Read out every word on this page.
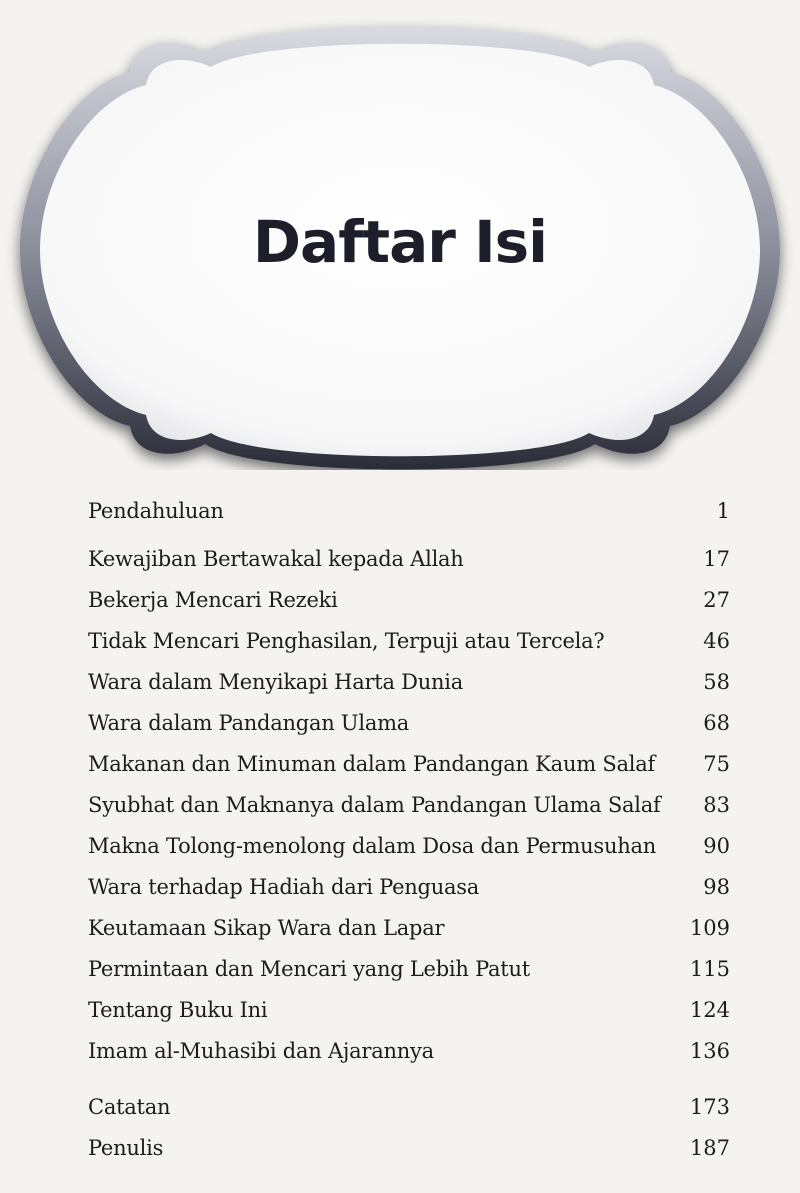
Daftar Isi
Pendahuluan	1
Kewajiban Bertawakal kepada Allah	17
Bekerja Mencari Rezeki	27
Tidak Mencari Penghasilan, Terpuji atau Tercela?	46
Wara dalam Menyikapi Harta Dunia	58
Wara dalam Pandangan Ulama	68
Makanan dan Minuman dalam Pandangan Kaum Salaf 75
Syubhat dan Maknanya dalam Pandangan Ulama Salaf 83
Makna Tolong-menolong dalam Dosa dan Permusuhan 90
Wara terhadap Hadiah dari Penguasa	98
Keutamaan Sikap Wara dan Lapar	109
Permintaan dan Mencari yang Lebih Patut	115
Tentang Buku Ini	124
Imam al-Muhasibi dan Ajarannya	136
Catatan	173
Penulis	187
